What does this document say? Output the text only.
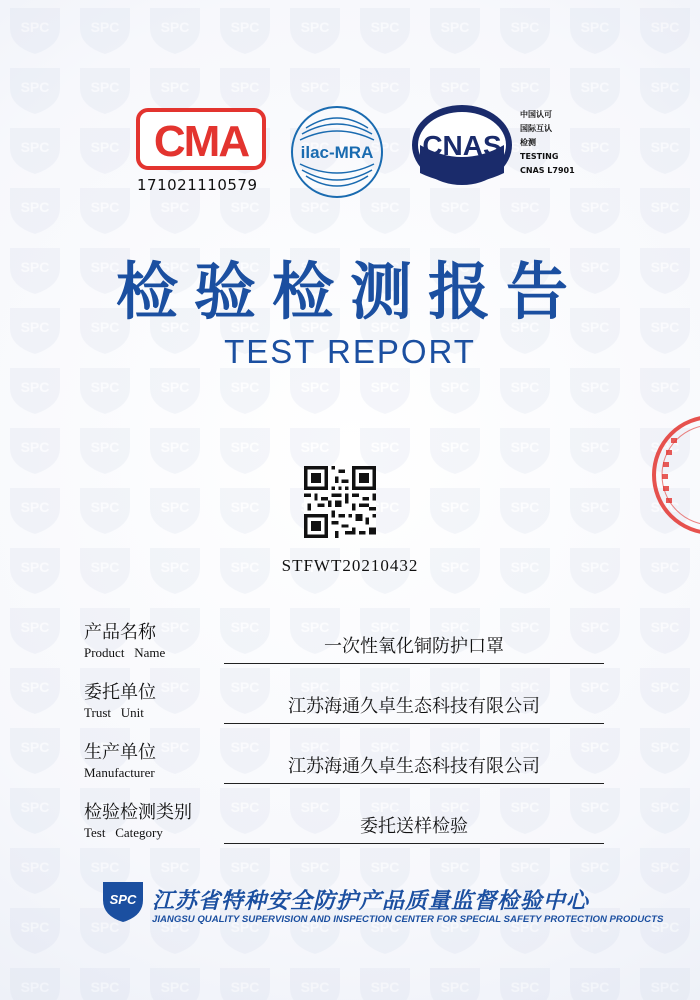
CMA
171021110579
ilac-MRA CNAS
中国认可
国际互认
检测
TESTING
CNAS L7901
检验检测报告
TEST REPORT
STFWT20210432
产品名称
Product   Name	一次性氧化铜防护口罩
委托单位
Trust   Unit	江苏海通久卓生态科技有限公司
生产单位
Manufacturer	江苏海通久卓生态科技有限公司
检验检测类别
Test   Category	委托送样检验
SPC 江苏省特种安全防护产品质量监督检验中心
JIANGSU QUALITY SUPERVISION AND INSPECTION CENTER FOR SPECIAL SAFETY PROTECTION PRODUCTS
